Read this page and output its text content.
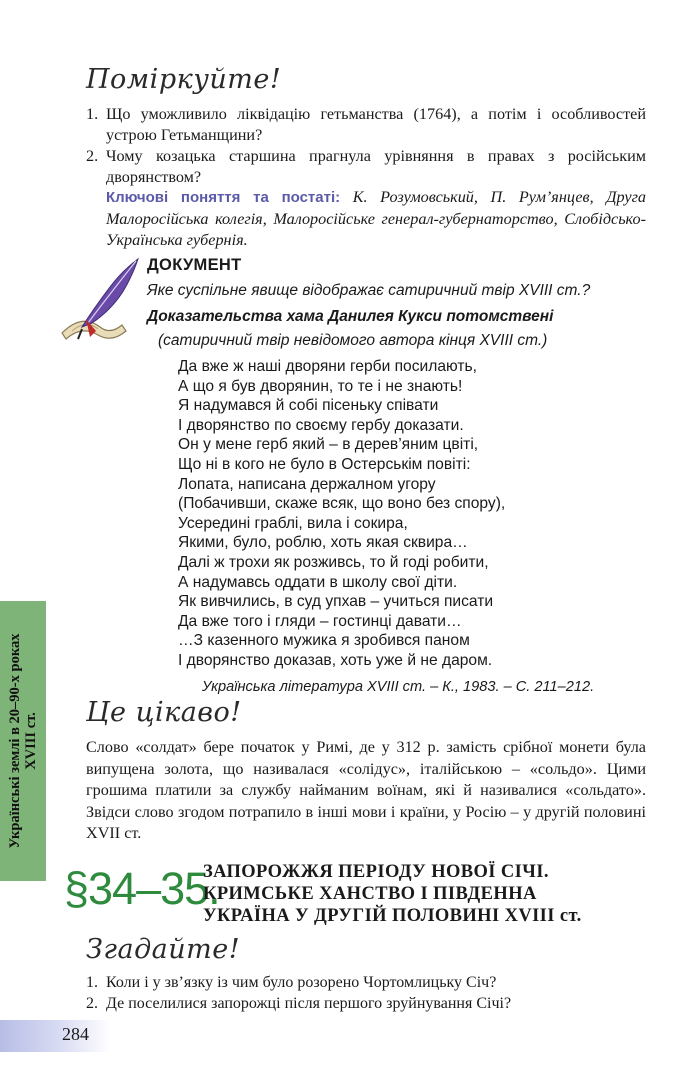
Поміркуйте!
1. Що уможливило ліквідацію гетьманства (1764), а потім і особливостей устрою Гетьманщини?
2. Чому козацька старшина прагнула урівняння в правах з російським дворянством?
Ключові поняття та постаті: К. Розумовський, П. Рум’янцев, Друга Малоросійська колегія, Малоросійське генерал-губернаторство, Слобідсько-Українська губернія.
ДОКУМЕНТ
Яке суспільне явище відображає сатиричний твір XVIII ст.?
Доказательства хама Данилея Кукси потомствені
(сатиричний твір невідомого автора кінця XVIII ст.)
Да вже ж наші дворяни герби посилають,
А що я був дворянин, то те і не знають!
Я надумався й собі пісеньку співати
І дворянство по своєму гербу доказати.
Он у мене герб який – в дерев’яним цвіті,
Що ні в кого не було в Остерськім повіті:
Лопата, написана держалном угору
(Побачивши, скаже всяк, що воно без спору),
Усередині граблі, вила і сокира,
Якими, було, роблю, хоть якая сквира…
Далі ж трохи як розживсь, то й годі робити,
А надумавсь оддати в школу свої діти.
Як вивчились, в суд упхав – учиться писати
Да вже того і гляди – гостинці давати…
…З казенного мужика я зробився паном
І дворянство доказав, хоть уже й не даром.
Українська література XVIII ст. – К., 1983. – С. 211–212.
Це цікаво!
Слово «солдат» бере початок у Римі, де у 312 р. замість срібної монети була випущена золота, що називалася «солідус», італійською – «сольдо». Цими грошима платили за службу найманим воїнам, які й називалися «сольдато». Звідси слово згодом потрапило в інші мови і країни, у Росію – у другій половині XVII ст.
Українські землі в 20–90-х роках XVIII ст.
§34–35.
ЗАПОРОЖЖЯ ПЕРІОДУ НОВОЇ СІЧІ.
КРИМСЬКЕ ХАНСТВО І ПІВДЕННА
УКРАЇНА У ДРУГІЙ ПОЛОВИНІ XVIII ст.
Згадайте!
1. Коли і у зв’язку із чим було розорено Чортомлицьку Січ?
2. Де поселилися запорожці після першого зруйнування Січі?
284
